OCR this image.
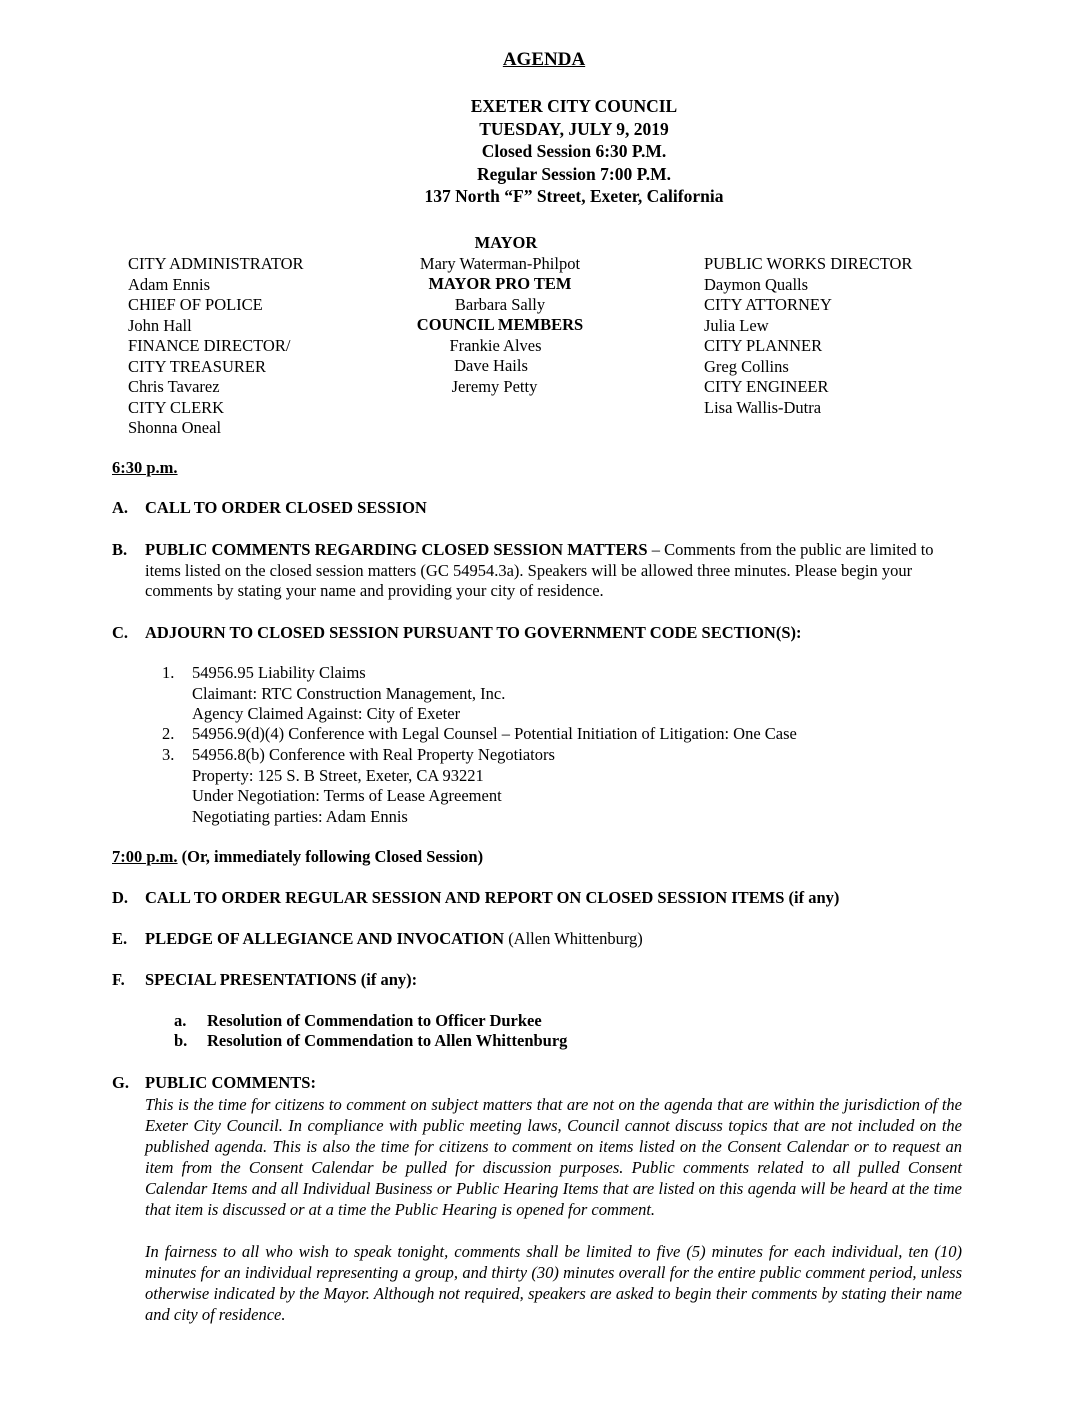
AGENDA
EXETER CITY COUNCIL
TUESDAY, JULY 9, 2019
Closed Session 6:30 P.M.
Regular Session 7:00 P.M.
137 North “F” Street, Exeter, California
CITY ADMINISTRATOR
Adam Ennis
CHIEF OF POLICE
John Hall
FINANCE DIRECTOR/
CITY TREASURER
Chris Tavarez
CITY CLERK
Shonna Oneal
MAYOR
Mary Waterman-Philpot
MAYOR PRO TEM
Barbara Sally
COUNCIL MEMBERS
Frankie Alves
Dave Hails
Jeremy Petty
PUBLIC WORKS DIRECTOR
Daymon Qualls
CITY ATTORNEY
Julia Lew
CITY PLANNER
Greg Collins
CITY ENGINEER
Lisa Wallis-Dutra
6:30 p.m.
A. CALL TO ORDER CLOSED SESSION
B. PUBLIC COMMENTS REGARDING CLOSED SESSION MATTERS – Comments from the public are limited to items listed on the closed session matters (GC 54954.3a). Speakers will be allowed three minutes. Please begin your comments by stating your name and providing your city of residence.
C. ADJOURN TO CLOSED SESSION PURSUANT TO GOVERNMENT CODE SECTION(S):
1. 54956.95 Liability Claims
Claimant: RTC Construction Management, Inc.
Agency Claimed Against: City of Exeter
2. 54956.9(d)(4) Conference with Legal Counsel – Potential Initiation of Litigation: One Case
3. 54956.8(b) Conference with Real Property Negotiators
Property: 125 S. B Street, Exeter, CA 93221
Under Negotiation: Terms of Lease Agreement
Negotiating parties: Adam Ennis
7:00 p.m. (Or, immediately following Closed Session)
D. CALL TO ORDER REGULAR SESSION AND REPORT ON CLOSED SESSION ITEMS (if any)
E. PLEDGE OF ALLEGIANCE AND INVOCATION (Allen Whittenburg)
F. SPECIAL PRESENTATIONS (if any):
a. Resolution of Commendation to Officer Durkee
b. Resolution of Commendation to Allen Whittenburg
G. PUBLIC COMMENTS:
This is the time for citizens to comment on subject matters that are not on the agenda that are within the jurisdiction of the Exeter City Council. In compliance with public meeting laws, Council cannot discuss topics that are not included on the published agenda. This is also the time for citizens to comment on items listed on the Consent Calendar or to request an item from the Consent Calendar be pulled for discussion purposes. Public comments related to all pulled Consent Calendar Items and all Individual Business or Public Hearing Items that are listed on this agenda will be heard at the time that item is discussed or at a time the Public Hearing is opened for comment.
In fairness to all who wish to speak tonight, comments shall be limited to five (5) minutes for each individual, ten (10) minutes for an individual representing a group, and thirty (30) minutes overall for the entire public comment period, unless otherwise indicated by the Mayor. Although not required, speakers are asked to begin their comments by stating their name and city of residence.
